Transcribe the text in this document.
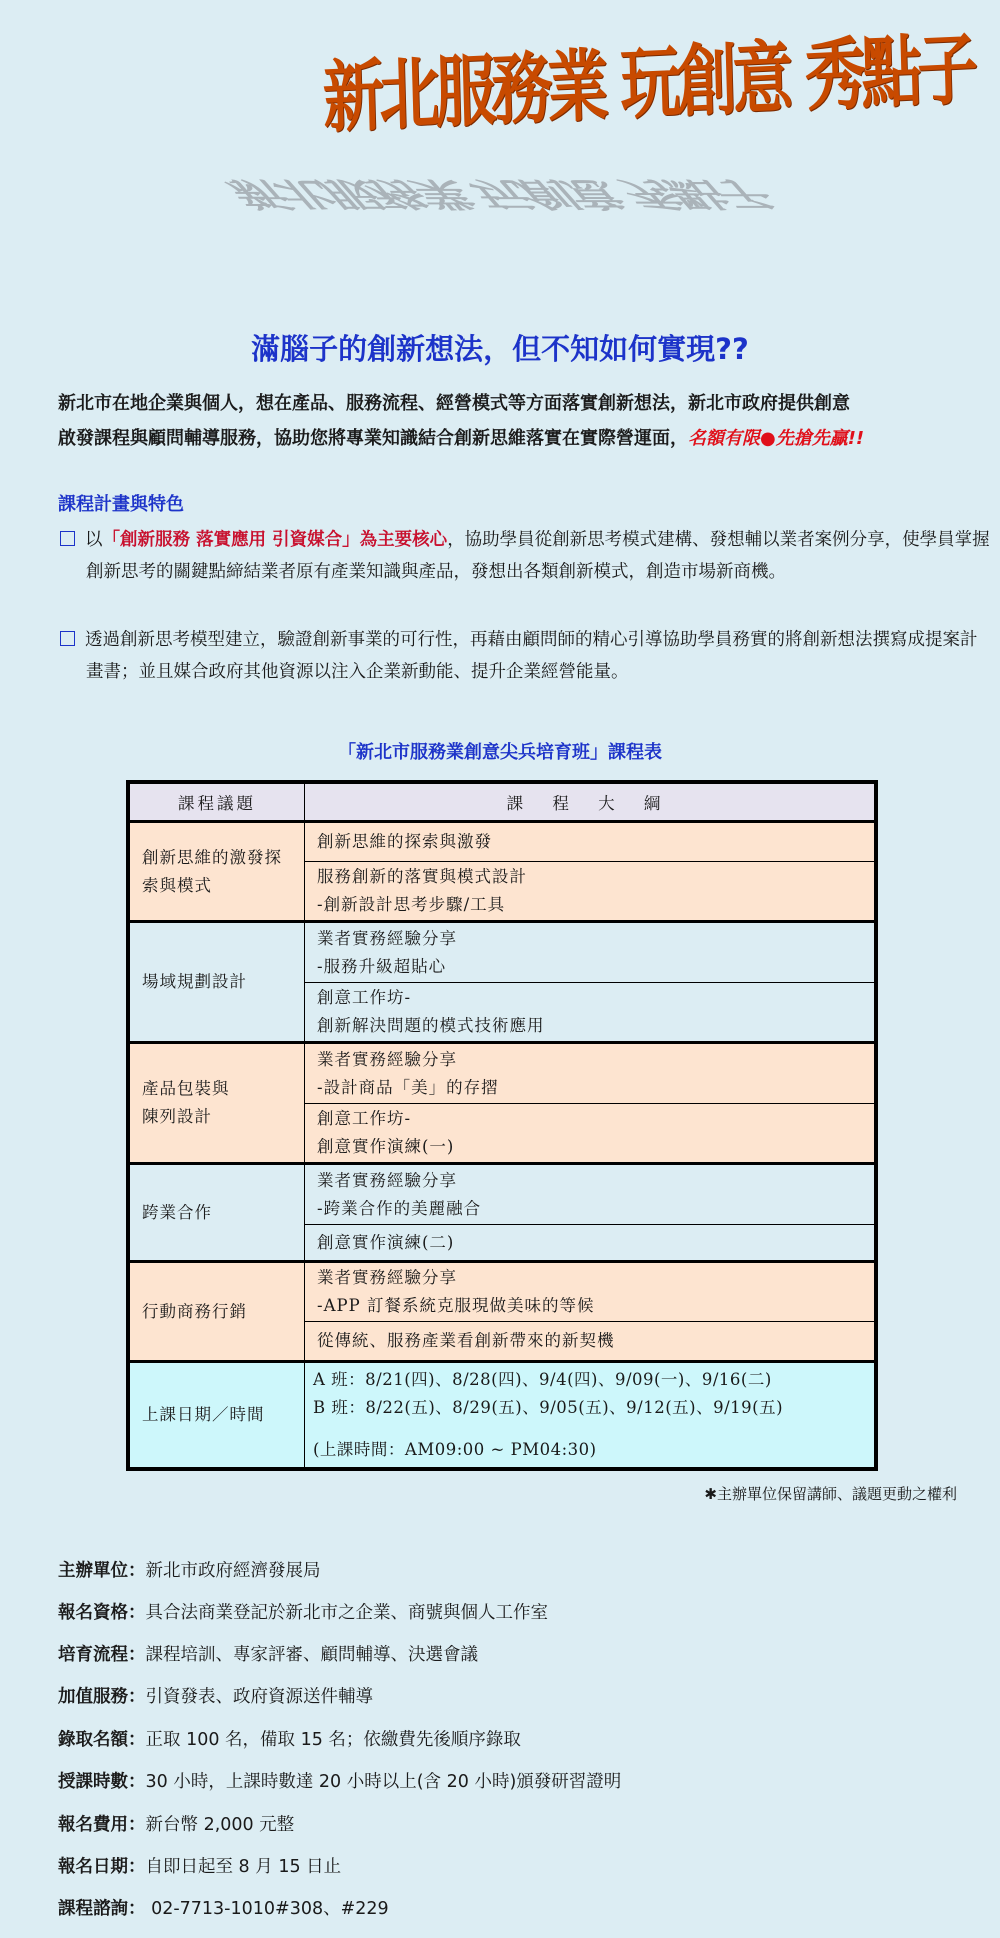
新北服務業 玩創意 秀點子
新北服務業 玩創意 秀點子
滿腦子的創新想法，但不知如何實現??
新北市在地企業與個人，想在產品、服務流程、經營模式等方面落實創新想法，新北市政府提供創意
啟發課程與顧問輔導服務，協助您將專業知識結合創新思維落實在實際營運面，名額有限●先搶先贏!!
課程計畫與特色
以「創新服務 落實應用 引資媒合」為主要核心，協助學員從創新思考模式建構、發想輔以業者案例分享，使學員掌握創新思考的關鍵點締結業者原有產業知識與產品，發想出各類創新模式，創造市場新商機。
透過創新思考模型建立，驗證創新事業的可行性，再藉由顧問師的精心引導協助學員務實的將創新想法撰寫成提案計畫書；並且媒合政府其他資源以注入企業新動能、提升企業經營能量。
「新北市服務業創意尖兵培育班」課程表
課程議題	課 程 大 綱
創新思維的激發探索與模式	創新思維的探索與激發
	服務創新的落實與模式設計
-創新設計思考步驟/工具
場域規劃設計	業者實務經驗分享
-服務升級超貼心
	創意工作坊-
創新解決問題的模式技術應用
產品包裝與
陳列設計	業者實務經驗分享
-設計商品「美」的存摺
	創意工作坊-
創意實作演練(一)
跨業合作	業者實務經驗分享
-跨業合作的美麗融合
	創意實作演練(二)
行動商務行銷	業者實務經驗分享
-APP 訂餐系統克服現做美味的等候
	從傳統、服務產業看創新帶來的新契機
上課日期／時間	A 班：8/21(四)、8/28(四)、9/4(四)、9/09(一)、9/16(二)
B 班：8/22(五)、8/29(五)、9/05(五)、9/12(五)、9/19(五)
(上課時間：AM09:00 ~ PM04:30)
✱主辦單位保留講師、議題更動之權利
主辦單位：新北市政府經濟發展局
報名資格：具合法商業登記於新北市之企業、商號與個人工作室
培育流程：課程培訓、專家評審、顧問輔導、決選會議
加值服務：引資發表、政府資源送件輔導
錄取名額：正取 100 名，備取 15 名；依繳費先後順序錄取
授課時數：30 小時，上課時數達 20 小時以上(含 20 小時)頒發研習證明
報名費用：新台幣 2,000 元整
報名日期：自即日起至 8 月 15 日止
課程諮詢： 02-7713-1010#308、#229
